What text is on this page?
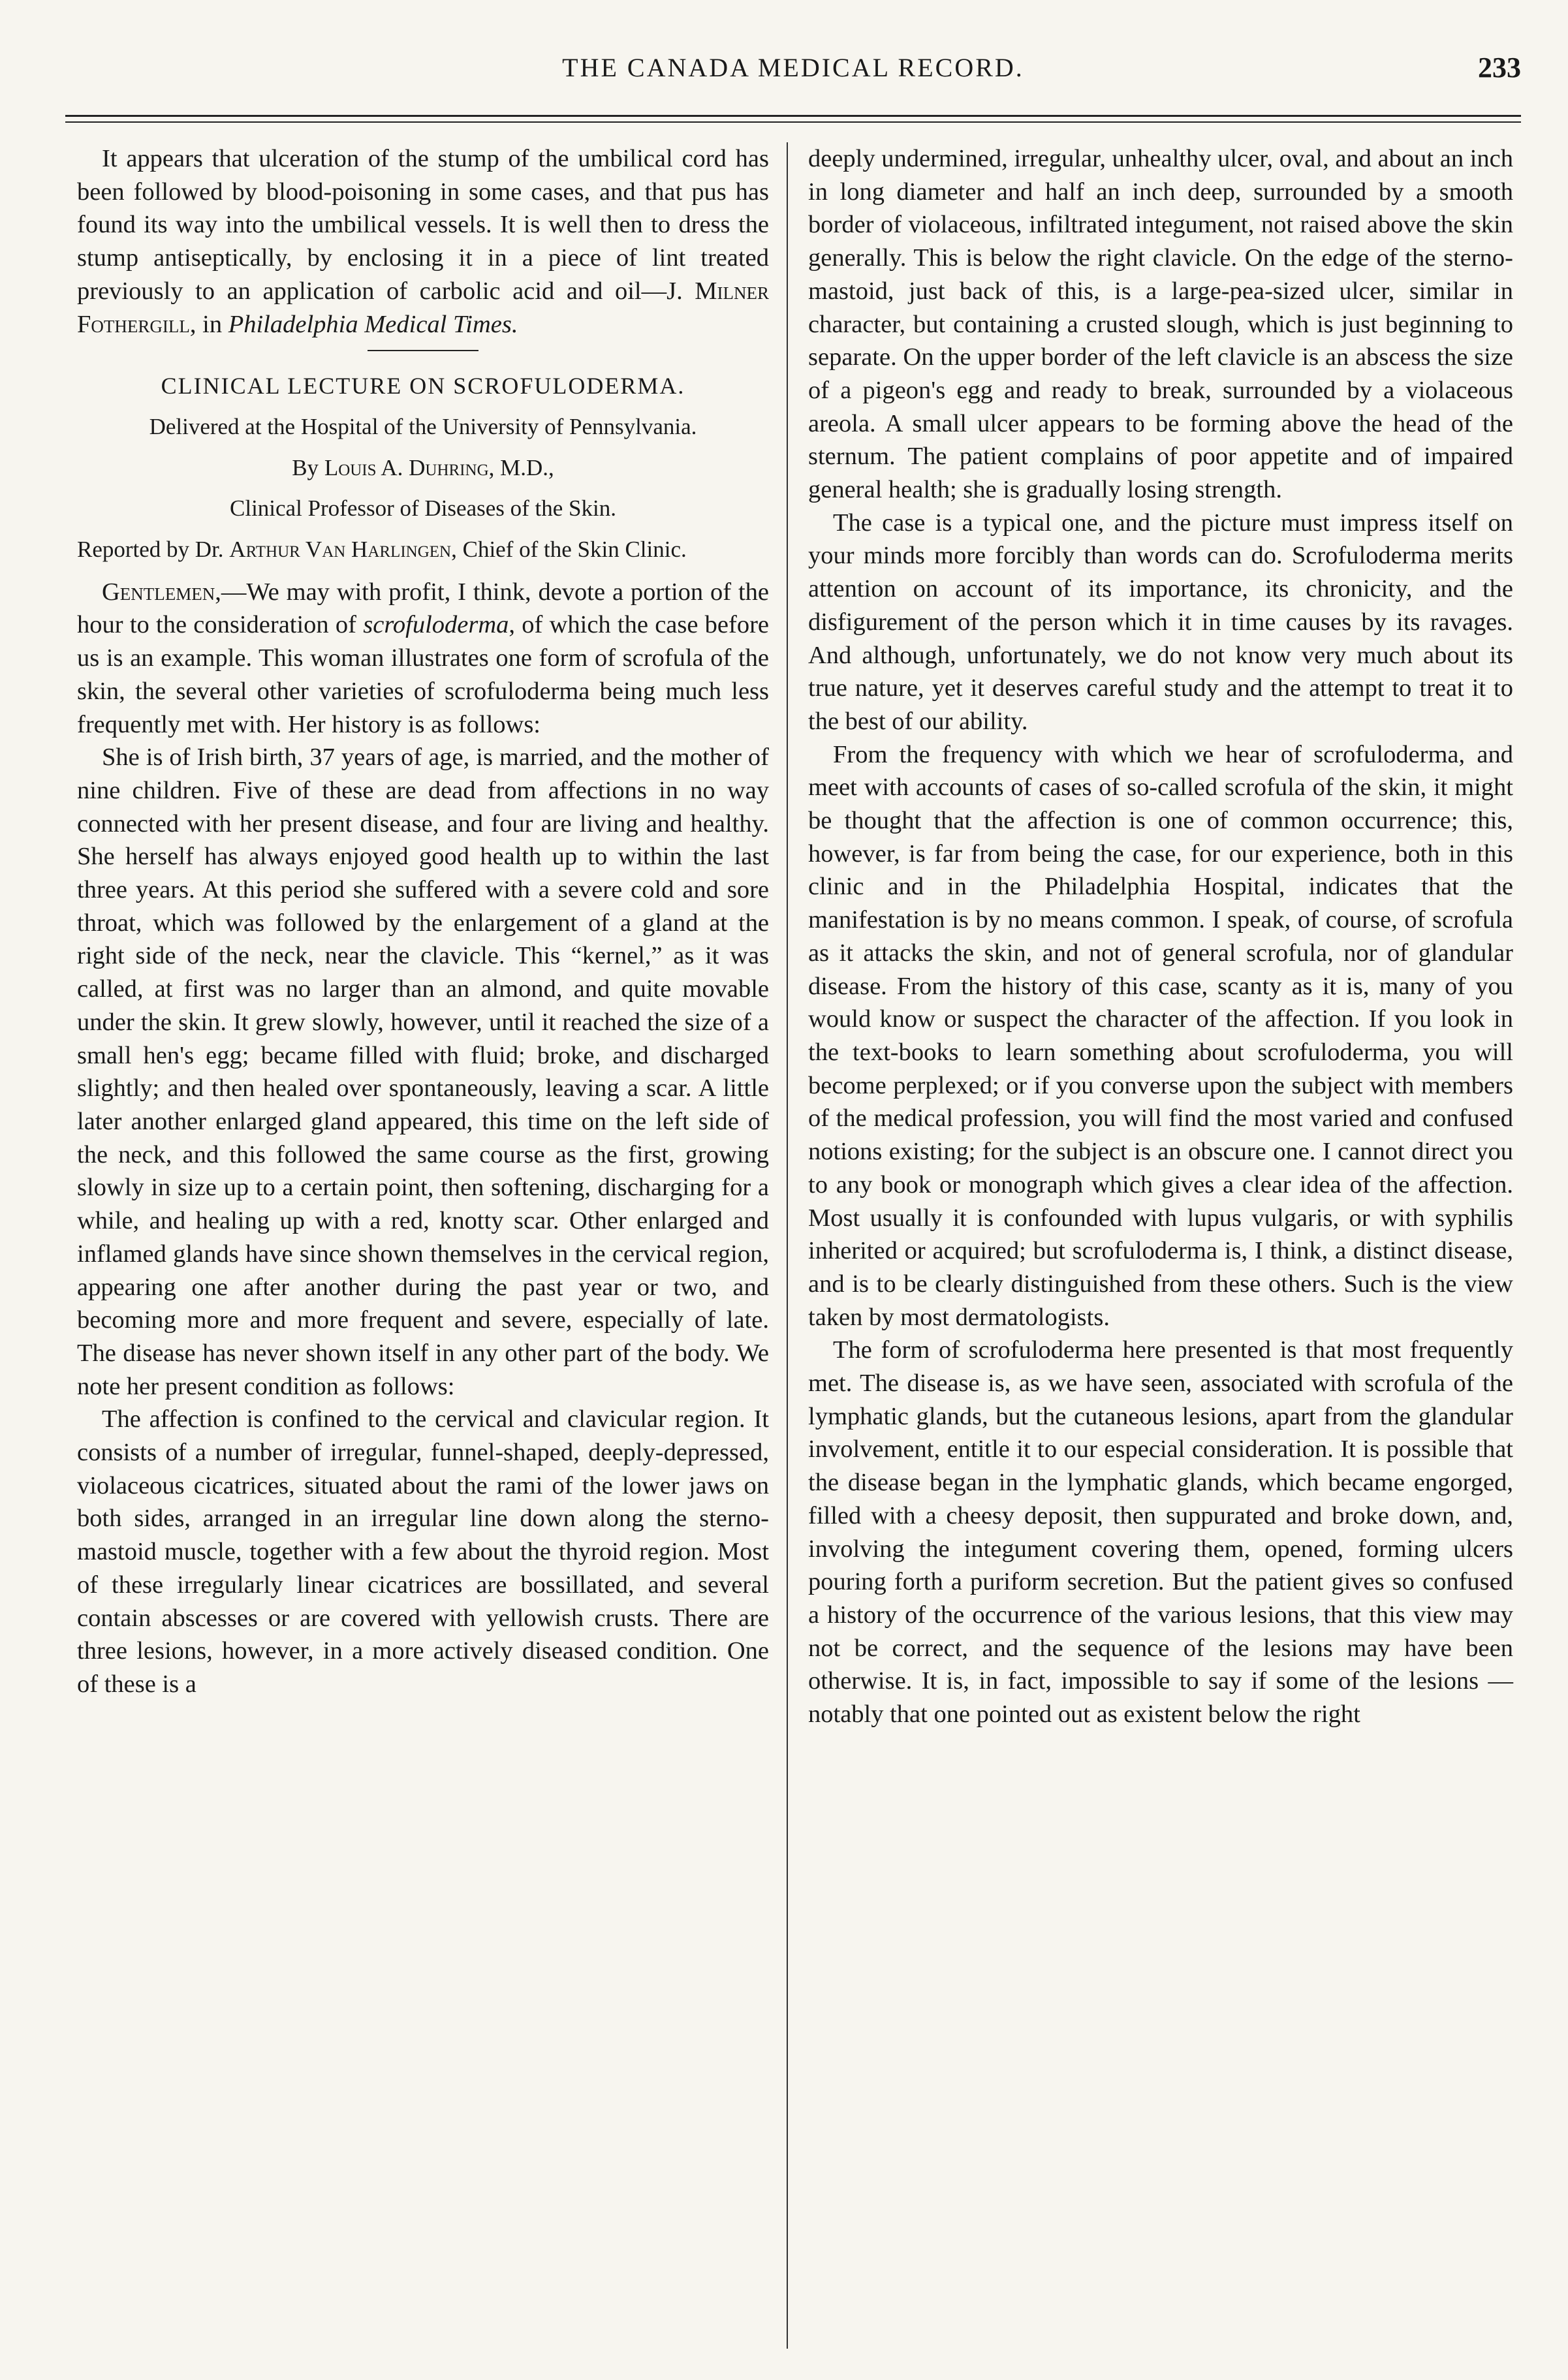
THE CANADA MEDICAL RECORD.	233

It appears that ulceration of the stump of the umbilical cord has been followed by blood-poisoning in some cases, and that pus has found its way into the umbilical vessels. It is well then to dress the stump antiseptically, by enclosing it in a piece of lint treated previously to an application of carbolic acid and oil—J. Milner Fothergill, in Philadelphia Medical Times.

CLINICAL LECTURE ON SCROFULODERMA.

Delivered at the Hospital of the University of Pennsylvania.

By Louis A. Duhring, M.D.,

Clinical Professor of Diseases of the Skin.

Reported by Dr. Arthur Van Harlingen, Chief of the Skin Clinic.

Gentlemen,—We may with profit, I think, devote a portion of the hour to the consideration of scrofuloderma, of which the case before us is an example. This woman illustrates one form of scrofula of the skin, the several other varieties of scrofuloderma being much less frequently met with. Her history is as follows:

She is of Irish birth, 37 years of age, is married, and the mother of nine children. Five of these are dead from affections in no way connected with her present disease, and four are living and healthy. She herself has always enjoyed good health up to within the last three years. At this period she suffered with a severe cold and sore throat, which was followed by the enlargement of a gland at the right side of the neck, near the clavicle. This “kernel,” as it was called, at first was no larger than an almond, and quite movable under the skin. It grew slowly, however, until it reached the size of a small hen's egg; became filled with fluid; broke, and discharged slightly; and then healed over spontaneously, leaving a scar. A little later another enlarged gland appeared, this time on the left side of the neck, and this followed the same course as the first, growing slowly in size up to a certain point, then softening, discharging for a while, and healing up with a red, knotty scar. Other enlarged and inflamed glands have since shown themselves in the cervical region, appearing one after another during the past year or two, and becoming more and more frequent and severe, especially of late. The disease has never shown itself in any other part of the body. We note her present condition as follows:

The affection is confined to the cervical and clavicular region. It consists of a number of irregular, funnel-shaped, deeply-depressed, violaceous cicatrices, situated about the rami of the lower jaws on both sides, arranged in an irregular line down along the sterno-mastoid muscle, together with a few about the thyroid region. Most of these irregularly linear cicatrices are bossillated, and several contain abscesses or are covered with yellowish crusts. There are three lesions, however, in a more actively diseased condition. One of these is a

deeply undermined, irregular, unhealthy ulcer, oval, and about an inch in long diameter and half an inch deep, surrounded by a smooth border of violaceous, infiltrated integument, not raised above the skin generally. This is below the right clavicle. On the edge of the sterno-mastoid, just back of this, is a large-pea-sized ulcer, similar in character, but containing a crusted slough, which is just beginning to separate. On the upper border of the left clavicle is an abscess the size of a pigeon's egg and ready to break, surrounded by a violaceous areola. A small ulcer appears to be forming above the head of the sternum. The patient complains of poor appetite and of impaired general health; she is gradually losing strength.

The case is a typical one, and the picture must impress itself on your minds more forcibly than words can do. Scrofuloderma merits attention on account of its importance, its chronicity, and the disfigurement of the person which it in time causes by its ravages. And although, unfortunately, we do not know very much about its true nature, yet it deserves careful study and the attempt to treat it to the best of our ability.

From the frequency with which we hear of scrofuloderma, and meet with accounts of cases of so-called scrofula of the skin, it might be thought that the affection is one of common occurrence; this, however, is far from being the case, for our experience, both in this clinic and in the Philadelphia Hospital, indicates that the manifestation is by no means common. I speak, of course, of scrofula as it attacks the skin, and not of general scrofula, nor of glandular disease. From the history of this case, scanty as it is, many of you would know or suspect the character of the affection. If you look in the text-books to learn something about scrofuloderma, you will become perplexed; or if you converse upon the subject with members of the medical profession, you will find the most varied and confused notions existing; for the subject is an obscure one. I cannot direct you to any book or monograph which gives a clear idea of the affection. Most usually it is confounded with lupus vulgaris, or with syphilis inherited or acquired; but scrofuloderma is, I think, a distinct disease, and is to be clearly distinguished from these others. Such is the view taken by most dermatologists.

The form of scrofuloderma here presented is that most frequently met. The disease is, as we have seen, associated with scrofula of the lymphatic glands, but the cutaneous lesions, apart from the glandular involvement, entitle it to our especial consideration. It is possible that the disease began in the lymphatic glands, which became engorged, filled with a cheesy deposit, then suppurated and broke down, and, involving the integument covering them, opened, forming ulcers pouring forth a puriform secretion. But the patient gives so confused a history of the occurrence of the various lesions, that this view may not be correct, and the sequence of the lesions may have been otherwise. It is, in fact, impossible to say if some of the lesions — notably that one pointed out as existent below the right
